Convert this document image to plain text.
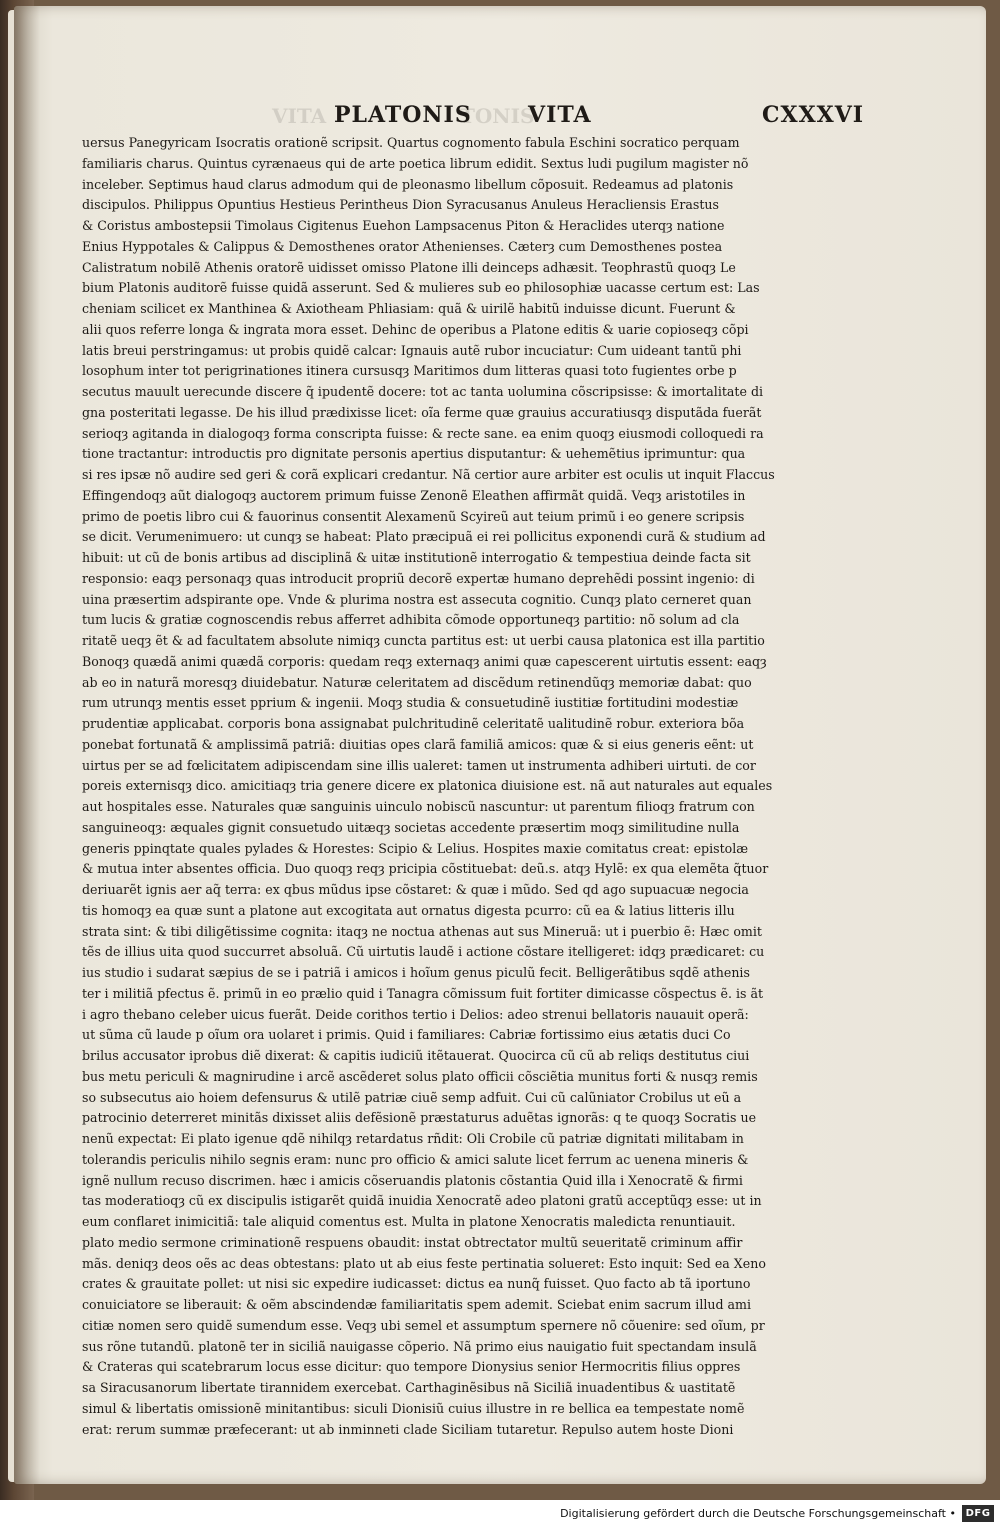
VITA	TONIS
PLATONIS	VITA	CXXXVI
uersus Panegyricam Isocratis orationẽ scripsit. Quartus cognomento fabula Eschini socratico perquam
familiaris charus. Quintus cyrænaeus qui de arte poetica librum edidit. Sextus ludi pugilum magister nõ
inceleber. Septimus haud clarus admodum qui de pleonasmo libellum cõposuit. Redeamus ad platonis
discipulos. Philippus Opuntius Hestieus Perintheus Dion Syracusanus Anuleus Heracliensis Erastus
& Coristus ambostepsii Timolaus Cigitenus Euehon Lampsacenus Piton & Heraclides uterqȝ natione
Enius Hyppotales & Calippus & Demosthenes orator Athenienses. Cæterȝ cum Demosthenes postea
Calistratum nobilẽ Athenis oratorẽ uidisset omisso Platone illi deinceps adhæsit. Teophrastũ quoqȝ Le
bium Platonis auditorẽ fuisse quidã asserunt. Sed & mulieres sub eo philosophiæ uacasse certum est: Las
cheniam scilicet ex Manthinea & Axiotheam Phliasiam: quã & uirilẽ habitũ induisse dicunt. Fuerunt &
alii quos referre longa & ingrata mora esset. Dehinc de operibus a Platone editis & uarie copioseqȝ cõpi
latis breui perstringamus: ut probis quidẽ calcar: Ignauis autẽ rubor incuciatur: Cum uideant tantũ phi
losophum inter tot perigrinationes itinera cursusqȝ Maritimos dum litteras quasi toto fugientes orbe p
secutus mauult uerecunde discere q̃ ipudentẽ docere: tot ac tanta uolumina cõscripsisse: & imortalitate di
gna posteritati legasse. De his illud prædixisse licet: oĩa ferme quæ grauius accuratiusqȝ disputãda fuerãt
serioqȝ agitanda in dialogoqȝ forma conscripta fuisse: & recte sane. ea enim quoqȝ eiusmodi colloquedi ra
tione tractantur: introductis pro dignitate personis apertius disputantur: & uehemẽtius iprimuntur: qua
si res ipsæ nõ audire sed geri & corã explicari credantur. Nã certior aure arbiter est oculis ut inquit Flaccus
Effingendoqȝ aũt dialogoqȝ auctorem primum fuisse Zenonẽ Eleathen affirmãt quidã. Veqȝ aristotiles in
primo de poetis libro cui & fauorinus consentit Alexamenũ Scyireũ aut teium primũ i eo genere scripsis
se dicit. Verumenimuero: ut cunqȝ se habeat: Plato præcipuã ei rei pollicitus exponendi curã & studium ad
hibuit: ut cũ de bonis artibus ad disciplinã & uitæ institutionẽ interrogatio & tempestiua deinde facta sit
responsio: eaqȝ personaqȝ quas introducit propriũ decorẽ expertæ humano deprehẽdi possint ingenio: di
uina præsertim adspirante ope. Vnde & plurima nostra est assecuta cognitio. Cunqȝ plato cerneret quan
tum lucis & gratiæ cognoscendis rebus afferret adhibita cõmode opportuneqȝ partitio: nõ solum ad cla
ritatẽ ueqȝ ẽt & ad facultatem absolute nimiqȝ cuncta partitus est: ut uerbi causa platonica est illa partitio
Bonoqȝ quædã animi quædã corporis: quedam reqȝ externaqȝ animi quæ capescerent uirtutis essent: eaqȝ
ab eo in naturã moresqȝ diuidebatur. Naturæ celeritatem ad discẽdum retinendũqȝ memoriæ dabat: quo
rum utrunqȝ mentis esset pprium & ingenii. Moqȝ studia & consuetudinẽ iustitiæ fortitudini modestiæ
prudentiæ applicabat. corporis bona assignabat pulchritudinẽ celeritatẽ ualitudinẽ robur. exteriora bõa
ponebat fortunatã & amplissimã patriã: diuitias opes clarã familiã amicos: quæ & si eius generis eẽnt: ut
uirtus per se ad fœlicitatem adipiscendam sine illis ualeret: tamen ut instrumenta adhiberi uirtuti. de cor
poreis externisqȝ dico. amicitiaqȝ tria genere dicere ex platonica diuisione est. nã aut naturales aut equales
aut hospitales esse. Naturales quæ sanguinis uinculo nobiscũ nascuntur: ut parentum filioqȝ fratrum con
sanguineoqȝ: æquales gignit consuetudo uitæqȝ societas accedente præsertim moqȝ similitudine nulla
generis ppinqtate quales pylades & Horestes: Scipio & Lelius. Hospites maxie comitatus creat: epistolæ
& mutua inter absentes officia. Duo quoqȝ reqȝ pricipia cõstituebat: deũ.s. atqȝ Hylẽ: ex qua elemẽta q̃tuor
deriuarẽt ignis aer aq̃ terra: ex qbus mũdus ipse cõstaret: & quæ i mũdo. Sed qd ago supuacuæ negocia
tis homoqȝ ea quæ sunt a platone aut excogitata aut ornatus digesta pcurro: cũ ea & latius litteris illu
strata sint: & tibi diligẽtissime cognita: itaqȝ ne noctua athenas aut sus Mineruã: ut i puerbio ẽ: Hæc omit
tẽs de illius uita quod succurret absoluã. Cũ uirtutis laudẽ i actione cõstare itelligeret: idqȝ prædicaret: cu
ius studio i sudarat sæpius de se i patriã i amicos i hoĩum genus piculũ fecit. Belligerãtibus sqdẽ athenis
ter i militiã pfectus ẽ. primũ in eo prælio quid i Tanagra cõmissum fuit fortiter dimicasse cõspectus ẽ. is ãt
i agro thebano celeber uicus fuerãt. Deide corithos tertio i Delios: adeo strenui bellatoris nauauit operã:
ut sũma cũ laude p oĩum ora uolaret i primis. Quid i familiares: Cabriæ fortissimo eius ætatis duci Co
brilus accusator iprobus diẽ dixerat: & capitis iudiciũ itẽtauerat. Quocirca cũ cũ ab reliqs destitutus ciui
bus metu periculi & magnirudine i arcẽ ascẽderet solus plato officii cõsciẽtia munitus forti & nusqȝ remis
so subsecutus aio hoiem defensurus & utilẽ patriæ ciuẽ semp adfuit. Cui cũ calũniator Crobilus ut eũ a
patrocinio deterreret minitãs dixisset aliis defẽsionẽ præstaturus aduẽtas ignorãs: q te quoqȝ Socratis ue
nenũ expectat: Ei plato igenue qdẽ nihilqȝ retardatus rñdit: Oli Crobile cũ patriæ dignitati militabam in
tolerandis periculis nihilo segnis eram: nunc pro officio & amici salute licet ferrum ac uenena mineris &
ignẽ nullum recuso discrimen. hæc i amicis cõseruandis platonis cõstantia Quid illa i Xenocratẽ & firmi
tas moderatioqȝ cũ ex discipulis istigarẽt quidã inuidia Xenocratẽ adeo platoni gratũ acceptũqȝ esse: ut in
eum conflaret inimicitiã: tale aliquid comentus est. Multa in platone Xenocratis maledicta renuntiauit.
plato medio sermone criminationẽ respuens obaudit: instat obtrectator multũ seueritatẽ criminum affir
mãs. deniqȝ deos oẽs ac deas obtestans: plato ut ab eius feste pertinatia solueret: Esto inquit: Sed ea Xeno
crates & grauitate pollet: ut nisi sic expedire iudicasset: dictus ea nunq̃ fuisset. Quo facto ab tã iportuno
conuiciatore se liberauit: & oẽm abscindendæ familiaritatis spem ademit. Sciebat enim sacrum illud ami
citiæ nomen sero quidẽ sumendum esse. Veqȝ ubi semel et assumptum spernere nõ cõuenire: sed oĩum, pr
sus rõne tutandũ. platonẽ ter in siciliã nauigasse cõperio. Nã primo eius nauigatio fuit spectandam insulã
& Crateras qui scatebrarum locus esse dicitur: quo tempore Dionysius senior Hermocritis filius oppres
sa Siracusanorum libertate tirannidem exercebat. Carthaginẽsibus nã Siciliã inuadentibus & uastitatẽ
simul & libertatis omissionẽ minitantibus: siculi Dionisiũ cuius illustre in re bellica ea tempestate nomẽ
erat: rerum summæ præfecerant: ut ab inminneti clade Siciliam tutaretur. Repulso autem hoste Dioni
Digitalisierung gefördert durch die Deutsche Forschungsgemeinschaft • DFG
